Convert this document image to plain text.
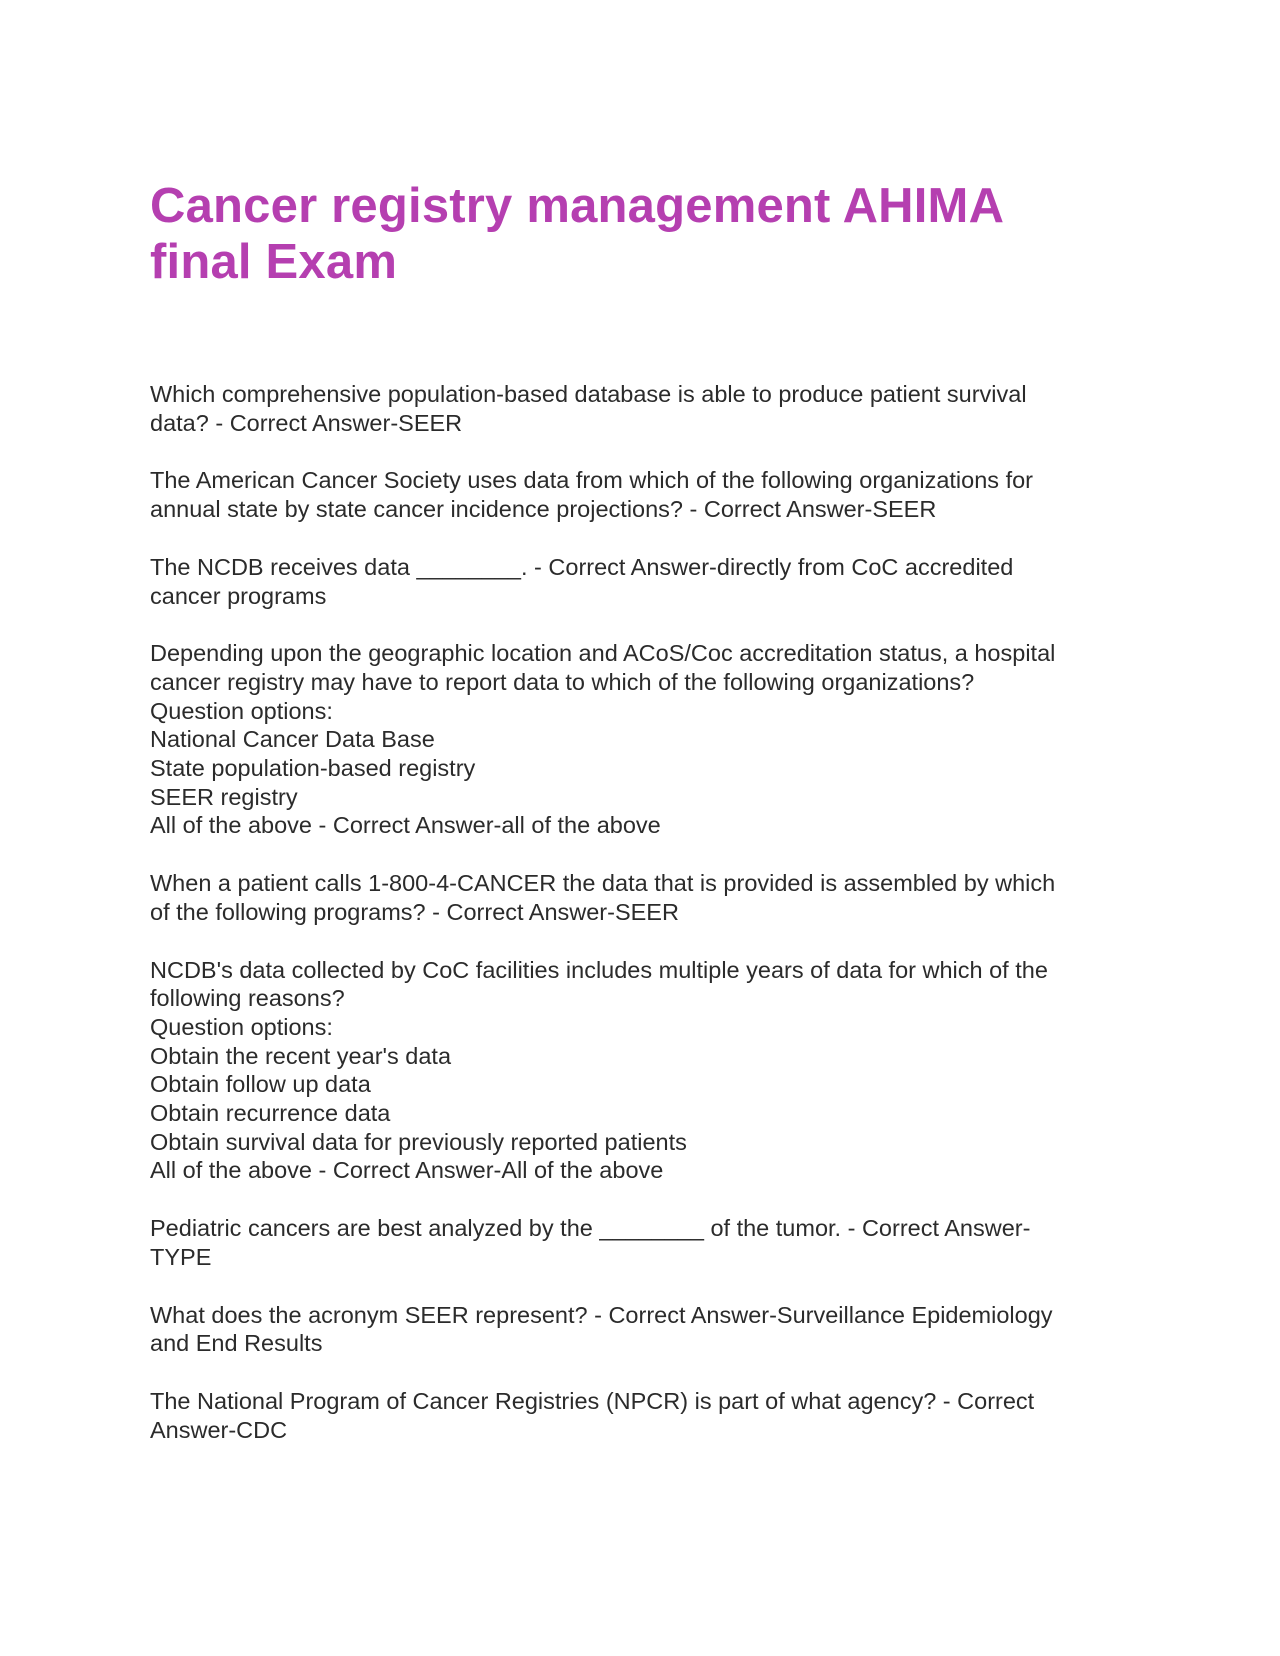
Cancer registry management AHIMA
final Exam

Which comprehensive population-based database is able to produce patient survival
data? - Correct Answer-SEER

The American Cancer Society uses data from which of the following organizations for
annual state by state cancer incidence projections? - Correct Answer-SEER

The NCDB receives data ________. - Correct Answer-directly from CoC accredited
cancer programs

Depending upon the geographic location and ACoS/Coc accreditation status, a hospital
cancer registry may have to report data to which of the following organizations?
Question options:
National Cancer Data Base
State population-based registry
SEER registry
All of the above - Correct Answer-all of the above

When a patient calls 1-800-4-CANCER the data that is provided is assembled by which
of the following programs? - Correct Answer-SEER

NCDB's data collected by CoC facilities includes multiple years of data for which of the
following reasons?
Question options:
Obtain the recent year's data
Obtain follow up data
Obtain recurrence data
Obtain survival data for previously reported patients
All of the above - Correct Answer-All of the above

Pediatric cancers are best analyzed by the ________ of the tumor. - Correct Answer-
TYPE

What does the acronym SEER represent? - Correct Answer-Surveillance Epidemiology
and End Results

The National Program of Cancer Registries (NPCR) is part of what agency? - Correct
Answer-CDC
